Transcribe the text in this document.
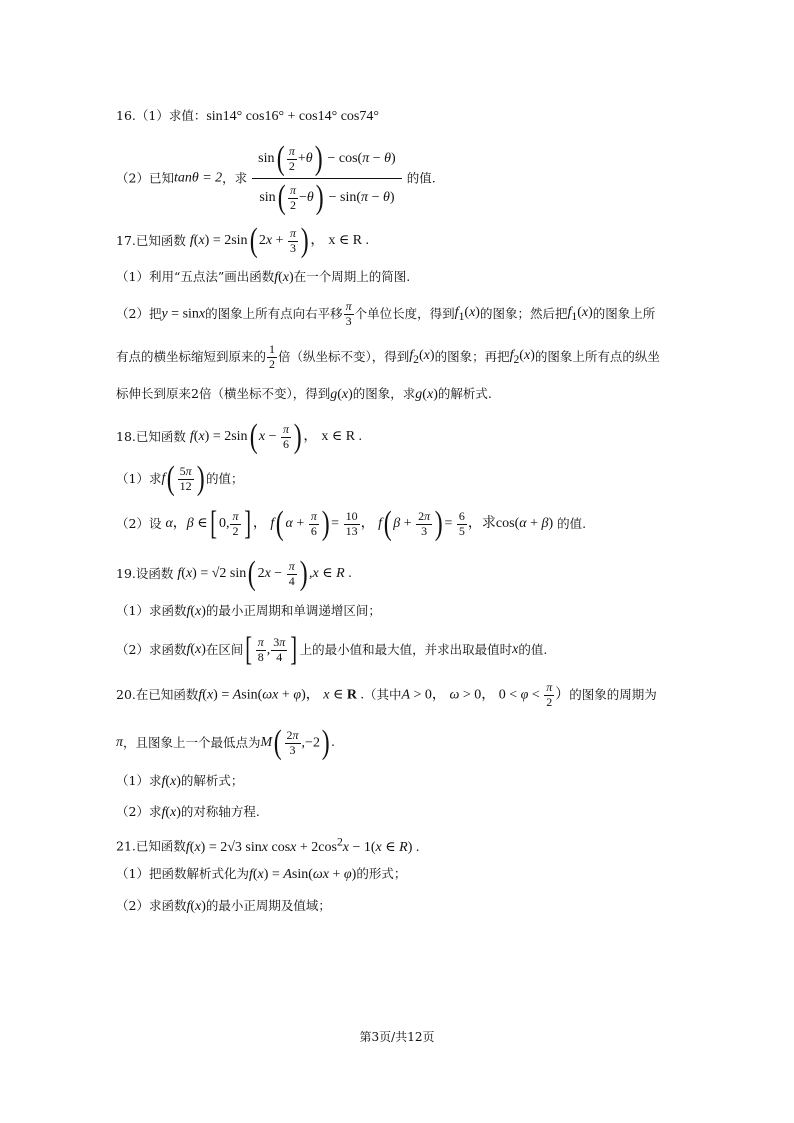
16.（1）求值：sin14° cos16° + cos14° cos74°
（2）已知tanθ = 2，求 $\frac{\sin( \frac{\pi}{2} +\theta) - \cos(\pi - \theta)}{\sin( \frac{\pi}{2} -\theta) - \sin(\pi - \theta)}$ 的值.
17.已知函数 f(x) = 2sin( $2x + \frac{\pi}{3}$ ) ， x ∈ R .
（1）利用“五点法”画出函数f(x)在一个周期上的简图.
（2）把y = sinx的图象上所有点向右平移 $\frac{\pi}{3}$ 个单位长度，得到$f_1(x)$的图象；然后把$f_1(x)$的图象上所
有点的横坐标缩短到原来的 $\frac{1}{2}$ 倍（纵坐标不变），得到$f_2(x)$的图象；再把$f_2(x)$的图象上所有点的纵坐
标伸长到原来2倍（横坐标不变），得到g(x)的图象，求g(x)的解析式.
18.已知函数 f(x) = 2sin( $x - \frac{\pi}{6}$ ) ， x ∈ R .
（1）求$f( \frac{5\pi}{12}$ ) 的值；
（2）设 α，β ∈[ 0, $\frac{\pi}{2}$ ] ， f( $\alpha + \frac{\pi}{6}$ ) = $\frac{10}{13}$ ， f( $\beta + \frac{2\pi}{3}$ ) = $\frac{6}{5}$ ，求cos(α + β) 的值.
19.设函数 f(x) = √2 sin( $2x - \frac{\pi}{4}$ ) ,x ∈ R .
（1）求函数f(x)的最小正周期和单调递增区间；
（2）求函数f(x)在区间[ $\frac{\pi}{8}$ , $\frac{3\pi}{4}$ ] 上的最小值和最大值，并求出取最值时x的值.
20.在已知函数f(x) = Asin(ωx + φ)， x ∈ R .（其中A > 0， ω > 0， $0 < \varphi < \frac{\pi}{2}$ ）的图象的周期为
π，且图象上一个最低点为$M( \frac{2\pi}{3} ,-2)$ .
（1）求f(x)的解析式；
（2）求f(x)的对称轴方程.
21.已知函数f(x) = 2√3 sinx $\cos x + 2\cos^2x - 1(x$ ∈ R) .
（1）把函数解析式化为f(x) = Asin(ωx + φ)的形式；
（2）求函数f(x)的最小正周期及值域；
第3页/共12页
